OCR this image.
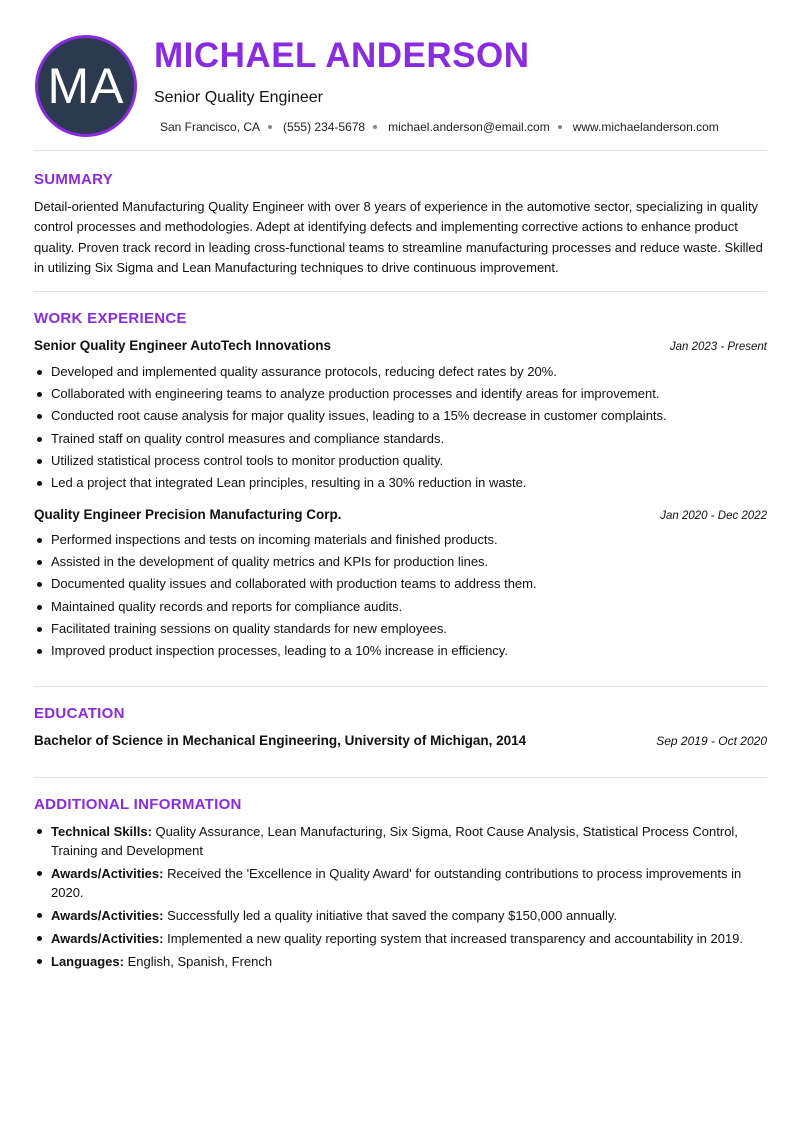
MA
MICHAEL ANDERSON
Senior Quality Engineer
San Francisco, CA (555) 234-5678 michael.anderson@email.com www.michaelanderson.com
SUMMARY
Detail-oriented Manufacturing Quality Engineer with over 8 years of experience in the automotive sector, specializing in quality control processes and methodologies. Adept at identifying defects and implementing corrective actions to enhance product quality. Proven track record in leading cross-functional teams to streamline manufacturing processes and reduce waste. Skilled in utilizing Six Sigma and Lean Manufacturing techniques to drive continuous improvement.
WORK EXPERIENCE
Senior Quality Engineer AutoTech Innovations	Jan 2023 - Present
Developed and implemented quality assurance protocols, reducing defect rates by 20%.
Collaborated with engineering teams to analyze production processes and identify areas for improvement.
Conducted root cause analysis for major quality issues, leading to a 15% decrease in customer complaints.
Trained staff on quality control measures and compliance standards.
Utilized statistical process control tools to monitor production quality.
Led a project that integrated Lean principles, resulting in a 30% reduction in waste.
Quality Engineer Precision Manufacturing Corp.	Jan 2020 - Dec 2022
Performed inspections and tests on incoming materials and finished products.
Assisted in the development of quality metrics and KPIs for production lines.
Documented quality issues and collaborated with production teams to address them.
Maintained quality records and reports for compliance audits.
Facilitated training sessions on quality standards for new employees.
Improved product inspection processes, leading to a 10% increase in efficiency.
EDUCATION
Bachelor of Science in Mechanical Engineering, University of Michigan, 2014	Sep 2019 - Oct 2020
ADDITIONAL INFORMATION
Technical Skills: Quality Assurance, Lean Manufacturing, Six Sigma, Root Cause Analysis, Statistical Process Control, Training and Development
Awards/Activities: Received the 'Excellence in Quality Award' for outstanding contributions to process improvements in 2020.
Awards/Activities: Successfully led a quality initiative that saved the company $150,000 annually.
Awards/Activities: Implemented a new quality reporting system that increased transparency and accountability in 2019.
Languages: English, Spanish, French
